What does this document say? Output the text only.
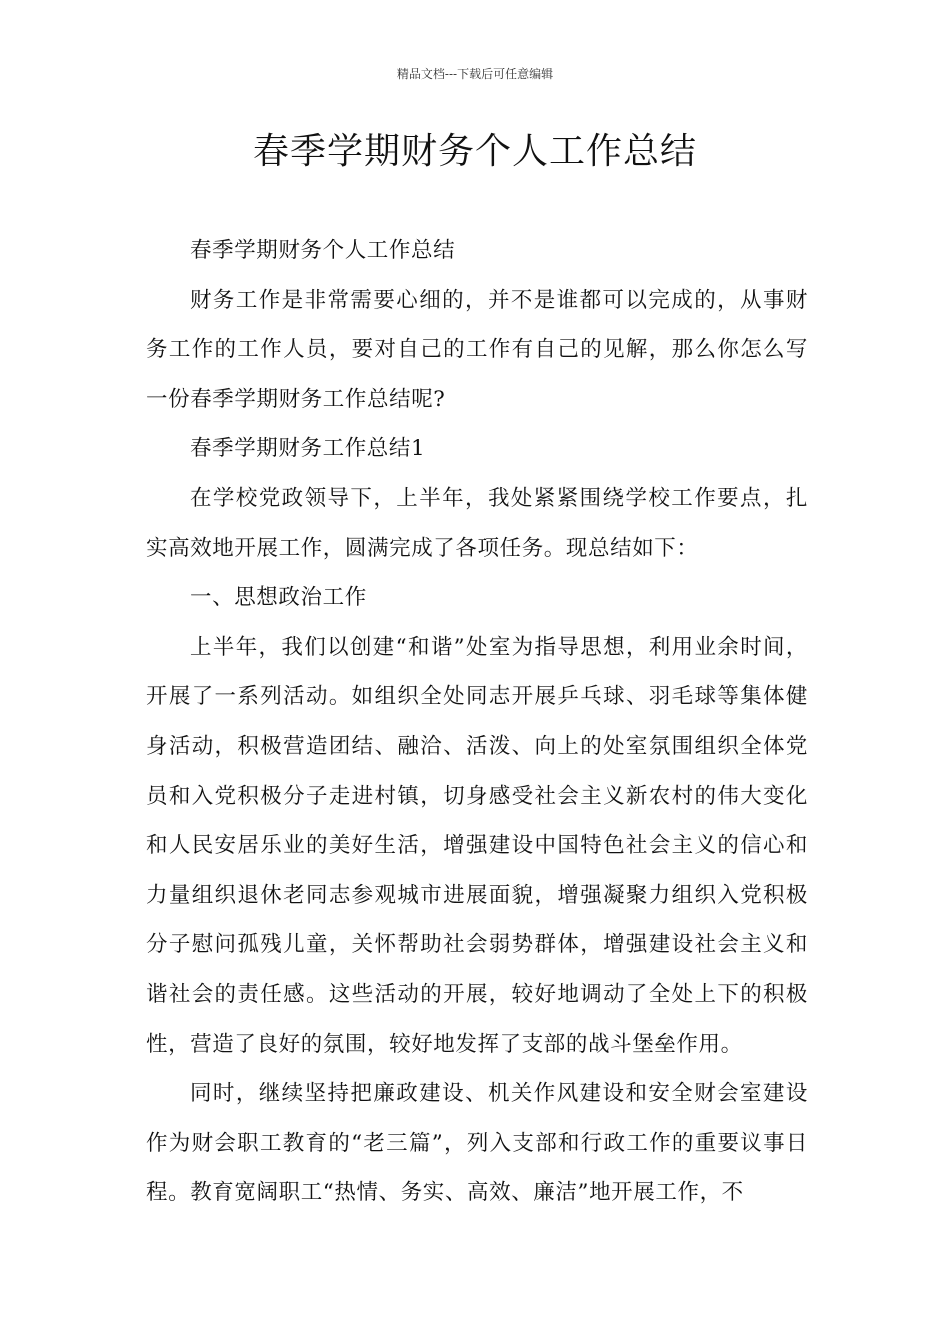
精品文档---下载后可任意编辑
春季学期财务个人工作总结

春季学期财务个人工作总结

财务工作是非常需要心细的，并不是谁都可以完成的，从事财务工作的工作人员，要对自己的工作有自己的见解，那么你怎么写一份春季学期财务工作总结呢?

春季学期财务工作总结1

在学校党政领导下，上半年，我处紧紧围绕学校工作要点，扎实高效地开展工作，圆满完成了各项任务。现总结如下：

一、思想政治工作

上半年，我们以创建“和谐”处室为指导思想，利用业余时间，开展了一系列活动。如组织全处同志开展乒乓球、羽毛球等集体健身活动，积极营造团结、融洽、活泼、向上的处室氛围组织全体党员和入党积极分子走进村镇，切身感受社会主义新农村的伟大变化和人民安居乐业的美好生活，增强建设中国特色社会主义的信心和力量组织退休老同志参观城市进展面貌，增强凝聚力组织入党积极分子慰问孤残儿童，关怀帮助社会弱势群体，增强建设社会主义和谐社会的责任感。这些活动的开展，较好地调动了全处上下的积极性，营造了良好的氛围，较好地发挥了支部的战斗堡垒作用。

同时，继续坚持把廉政建设、机关作风建设和安全财会室建设作为财会职工教育的“老三篇”，列入支部和行政工作的重要议事日程。教育宽阔职工“热情、务实、高效、廉洁”地开展工作，不
